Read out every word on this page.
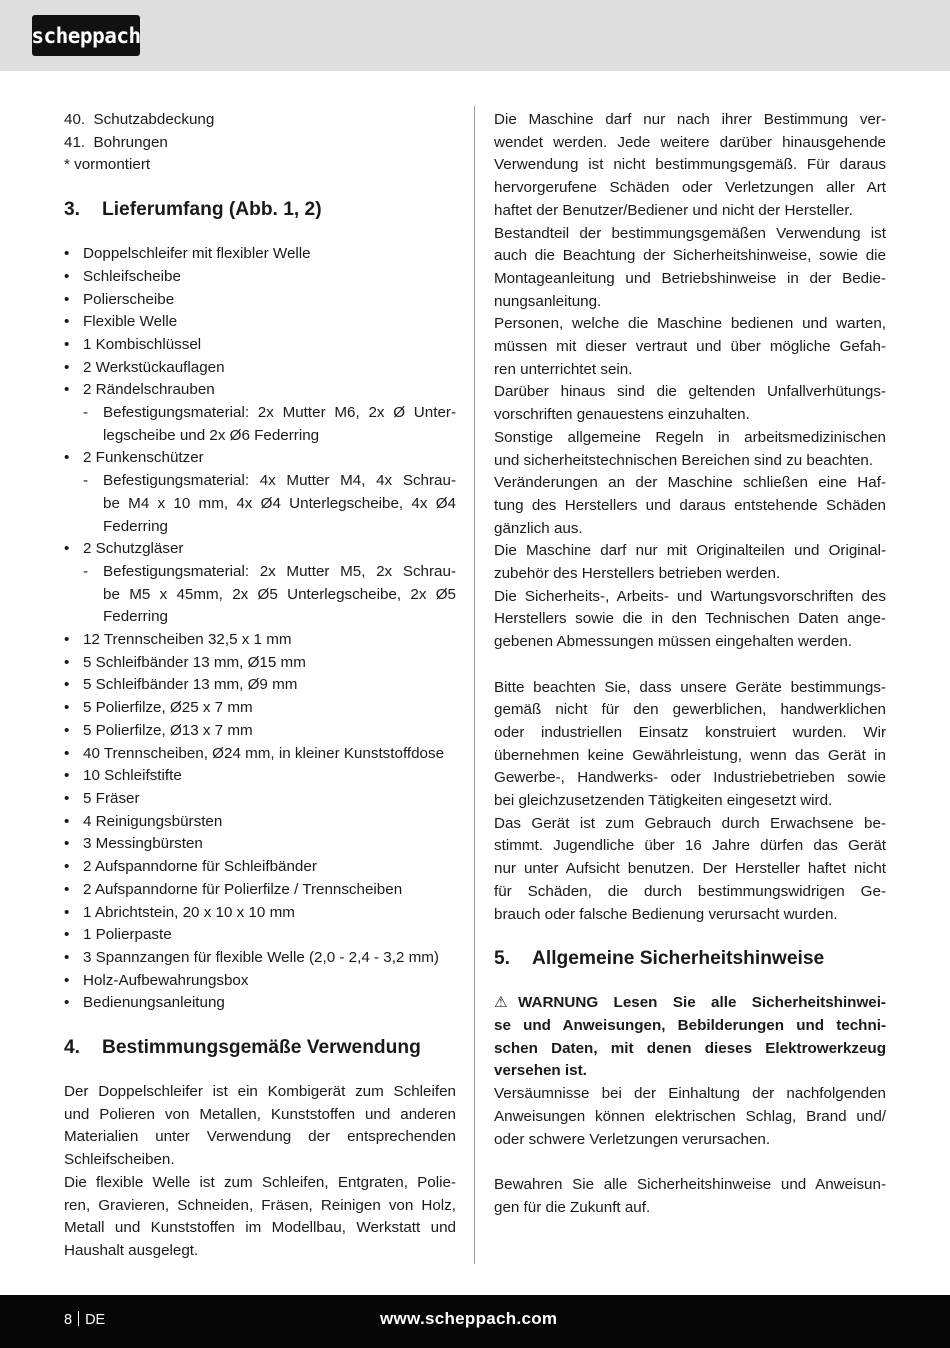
scheppach
40.  Schutzabdeckung
41.  Bohrungen
* vormontiert
3.	Lieferumfang (Abb. 1, 2)
• Doppelschleifer mit flexibler Welle
• Schleifscheibe
• Polierscheibe
• Flexible Welle
• 1 Kombischlüssel
• 2 Werkstückauflagen
• 2 Rändelschrauben
- Befestigungsmaterial: 2x Mutter M6, 2x Ø Unter-
legscheibe und 2x Ø6 Federring
• 2 Funkenschützer
- Befestigungsmaterial: 4x Mutter M4, 4x Schrau-
be M4 x 10 mm, 4x Ø4 Unterlegscheibe, 4x Ø4
Federring
• 2 Schutzgläser
- Befestigungsmaterial: 2x Mutter M5, 2x Schrau-
be M5 x 45mm, 2x Ø5 Unterlegscheibe, 2x Ø5
Federring
• 12 Trennscheiben 32,5 x 1 mm
• 5 Schleifbänder 13 mm, Ø15 mm
• 5 Schleifbänder 13 mm, Ø9 mm
• 5 Polierfilze, Ø25 x 7 mm
• 5 Polierfilze, Ø13 x 7 mm
• 40 Trennscheiben, Ø24 mm, in kleiner Kunststoffdose
• 10 Schleifstifte
• 5 Fräser
• 4 Reinigungsbürsten
• 3 Messingbürsten
• 2 Aufspanndorne für Schleifbänder
• 2 Aufspanndorne für Polierfilze / Trennscheiben
• 1 Abrichtstein, 20 x 10 x 10 mm
• 1 Polierpaste
• 3 Spannzangen für flexible Welle (2,0 - 2,4 - 3,2 mm)
• Holz-Aufbewahrungsbox
• Bedienungsanleitung
4.	Bestimmungsgemäße Verwendung
Der Doppelschleifer ist ein Kombigerät zum Schleifen
und Polieren von Metallen, Kunststoffen und anderen
Materialien unter Verwendung der entsprechenden
Schleifscheiben.
Die flexible Welle ist zum Schleifen, Entgraten, Polie-
ren, Gravieren, Schneiden, Fräsen, Reinigen von Holz,
Metall und Kunststoffen im Modellbau, Werkstatt und
Haushalt ausgelegt.
Die Maschine darf nur nach ihrer Bestimmung ver-
wendet werden. Jede weitere darüber hinausgehende
Verwendung ist nicht bestimmungsgemäß. Für daraus
hervorgerufene Schäden oder Verletzungen aller Art
haftet der Benutzer/Bediener und nicht der Hersteller.
Bestandteil der bestimmungsgemäßen Verwendung ist
auch die Beachtung der Sicherheitshinweise, sowie die
Montageanleitung und Betriebshinweise in der Bedie-
nungsanleitung.
Personen, welche die Maschine bedienen und warten,
müssen mit dieser vertraut und über mögliche Gefah-
ren unterrichtet sein.
Darüber hinaus sind die geltenden Unfallverhütungs-
vorschriften genauestens einzuhalten.
Sonstige allgemeine Regeln in arbeitsmedizinischen
und sicherheitstechnischen Bereichen sind zu beachten.
Veränderungen an der Maschine schließen eine Haf-
tung des Herstellers und daraus entstehende Schäden
gänzlich aus.
Die Maschine darf nur mit Originalteilen und Original-
zubehör des Herstellers betrieben werden.
Die Sicherheits-, Arbeits- und Wartungsvorschriften des
Herstellers sowie die in den Technischen Daten ange-
gebenen Abmessungen müssen eingehalten werden.
Bitte beachten Sie, dass unsere Geräte bestimmungs-
gemäß nicht für den gewerblichen, handwerklichen
oder industriellen Einsatz konstruiert wurden. Wir
übernehmen keine Gewährleistung, wenn das Gerät in
Gewerbe-, Handwerks- oder Industriebetrieben sowie
bei gleichzusetzenden Tätigkeiten eingesetzt wird.
Das Gerät ist zum Gebrauch durch Erwachsene be-
stimmt. Jugendliche über 16 Jahre dürfen das Gerät
nur unter Aufsicht benutzen. Der Hersteller haftet nicht
für Schäden, die durch bestimmungswidrigen Ge-
brauch oder falsche Bedienung verursacht wurden.
5.	Allgemeine Sicherheitshinweise
⚠ WARNUNG Lesen Sie alle Sicherheitshinwei-
se und Anweisungen, Bebilderungen und techni-
schen Daten, mit denen dieses Elektrowerkzeug
versehen ist.
Versäumnisse bei der Einhaltung der nachfolgenden
Anweisungen können elektrischen Schlag, Brand und/
oder schwere Verletzungen verursachen.
Bewahren Sie alle Sicherheitshinweise und Anweisun-
gen für die Zukunft auf.
8 DE	www.scheppach.com
